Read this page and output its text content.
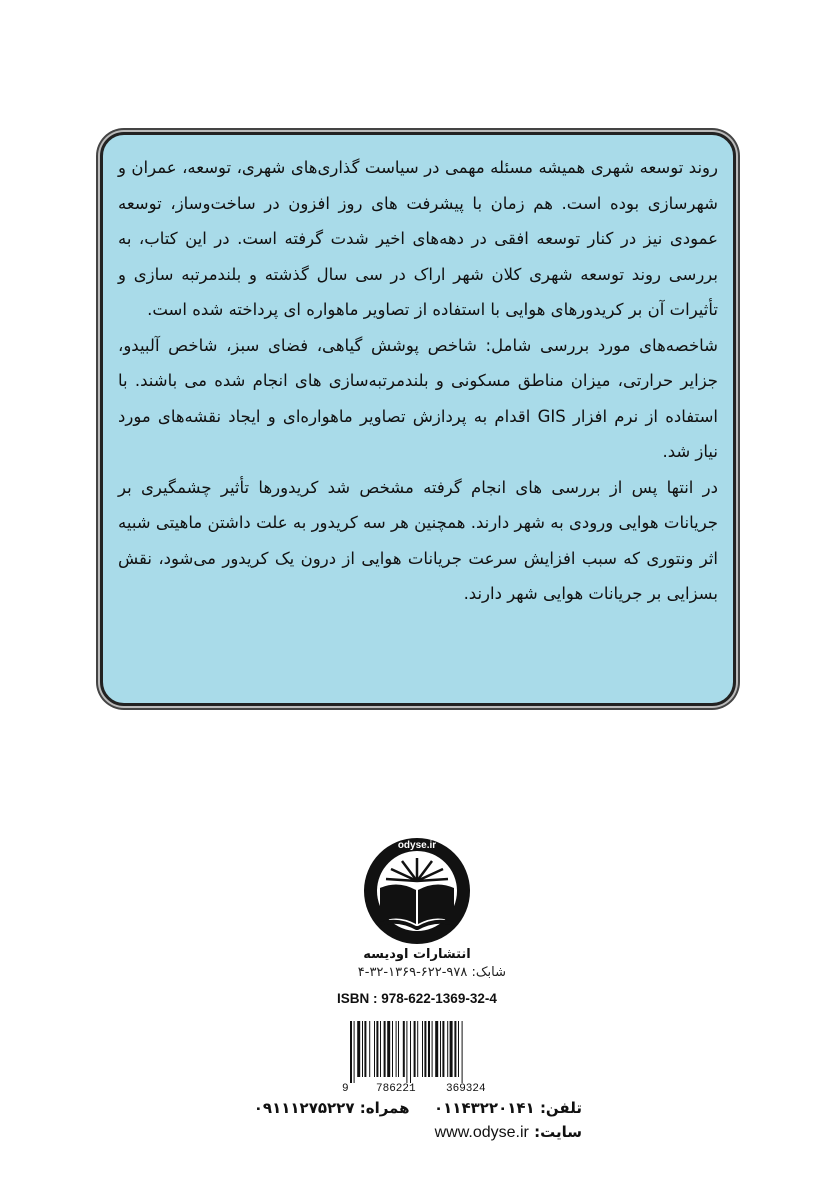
روند توسعه شهری همیشه مسئله مهمی در سیاست گذاری‌های شهری، توسعه، عمران و شهرسازی بوده است. هم زمان با پیشرفت های روز افزون در ساخت‌وساز، توسعه عمودی نیز در کنار توسعه افقی در دهه‌های اخیر شدت گرفته است. در این کتاب، به بررسی روند توسعه شهری کلان شهر اراک در سی سال گذشته و بلندمرتبه سازی و تأثیرات آن بر کریدورهای هوایی با استفاده از تصاویر ماهواره ای پرداخته شده است.

شاخصه‌های مورد بررسی شامل: شاخص پوشش گیاهی، فضای سبز، شاخص آلبیدو، جزایر حرارتی، میزان مناطق مسکونی و بلندمرتبه‌سازی های انجام شده می باشند. با استفاده از نرم افزار GIS اقدام به پردازش تصاویر ماهواره‌ای و ایجاد نقشه‌های مورد نیاز شد.

در انتها پس از بررسی های انجام گرفته مشخص شد کریدورها تأثیر چشمگیری بر جریانات هوایی ورودی به شهر دارند. همچنین هر سه کریدور به علت داشتن ماهیتی شبیه اثر ونتوری که سبب افزایش سرعت جریانات هوایی از درون یک کریدور می‌شود، نقش بسزایی بر جریانات هوایی شهر دارند.

odyse.ir
انتشارات اودیسه
شابک: ۹۷۸-۶۲۲-۱۳۶۹-۳۲-۴
ISBN : 978-622-1369-32-4
9 786221	369324
تلفن: ۰۱۱۴۳۲۲۰۱۴۱  همراه: ۰۹۱۱۱۲۷۵۲۲۷
سایت: www.odyse.ir
